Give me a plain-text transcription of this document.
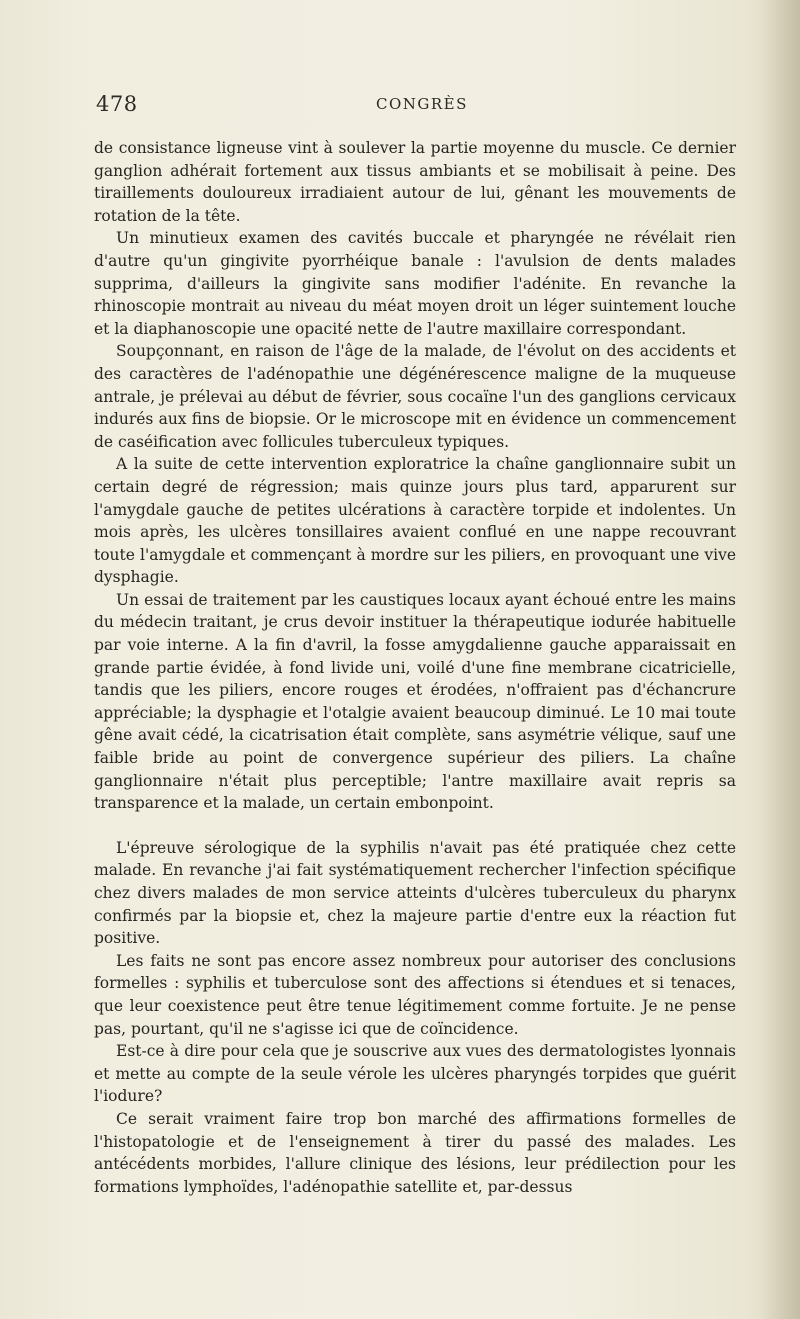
478	CONGRÈS

de consistance ligneuse vint à soulever la partie moyenne du muscle. Ce dernier ganglion adhérait fortement aux tissus ambiants et se mobilisait à peine. Des tiraillements douloureux irradiaient autour de lui, gênant les mouvements de rotation de la tête.

Un minutieux examen des cavités buccale et pharyngée ne révélait rien d'autre qu'un gingivite pyorrhéique banale : l'avulsion de dents malades supprima, d'ailleurs la gingivite sans modifier l'adénite. En revanche la rhinoscopie montrait au niveau du méat moyen droit un léger suintement louche et la diaphanoscopie une opacité nette de l'autre maxillaire correspondant.

Soupçonnant, en raison de l'âge de la malade, de l'évolut on des accidents et des caractères de l'adénopathie une dégénérescence maligne de la muqueuse antrale, je prélevai au début de février, sous cocaïne l'un des ganglions cervicaux indurés aux fins de biopsie. Or le microscope mit en évidence un commencement de caséification avec follicules tuberculeux typiques.

A la suite de cette intervention exploratrice la chaîne ganglionnaire subit un certain degré de régression; mais quinze jours plus tard, apparurent sur l'amygdale gauche de petites ulcérations à caractère torpide et indolentes. Un mois après, les ulcères tonsillaires avaient conflué en une nappe recouvrant toute l'amygdale et commençant à mordre sur les piliers, en provoquant une vive dysphagie.

Un essai de traitement par les caustiques locaux ayant échoué entre les mains du médecin traitant, je crus devoir instituer la thérapeutique iodurée habituelle par voie interne. A la fin d'avril, la fosse amygdalienne gauche apparaissait en grande partie évidée, à fond livide uni, voilé d'une fine membrane cicatricielle, tandis que les piliers, encore rouges et érodées, n'offraient pas d'échancrure appréciable; la dysphagie et l'otalgie avaient beaucoup diminué. Le 10 mai toute gêne avait cédé, la cicatrisation était complète, sans asymétrie vélique, sauf une faible bride au point de convergence supérieur des piliers. La chaîne ganglionnaire n'était plus perceptible; l'antre maxillaire avait repris sa transparence et la malade, un certain embonpoint.

L'épreuve sérologique de la syphilis n'avait pas été pratiquée chez cette malade. En revanche j'ai fait systématiquement rechercher l'infection spécifique chez divers malades de mon service atteints d'ulcères tuberculeux du pharynx confirmés par la biopsie et, chez la majeure partie d'entre eux la réaction fut positive.

Les faits ne sont pas encore assez nombreux pour autoriser des conclusions formelles : syphilis et tuberculose sont des affections si étendues et si tenaces, que leur coexistence peut être tenue légitimement comme fortuite. Je ne pense pas, pourtant, qu'il ne s'agisse ici que de coïncidence.

Est-ce à dire pour cela que je souscrive aux vues des dermatologistes lyonnais et mette au compte de la seule vérole les ulcères pharyngés torpides que guérit l'iodure?

Ce serait vraiment faire trop bon marché des affirmations formelles de l'histopatologie et de l'enseignement à tirer du passé des malades. Les antécédents morbides, l'allure clinique des lésions, leur prédilection pour les formations lymphoïdes, l'adénopathie satellite et, par-dessus
